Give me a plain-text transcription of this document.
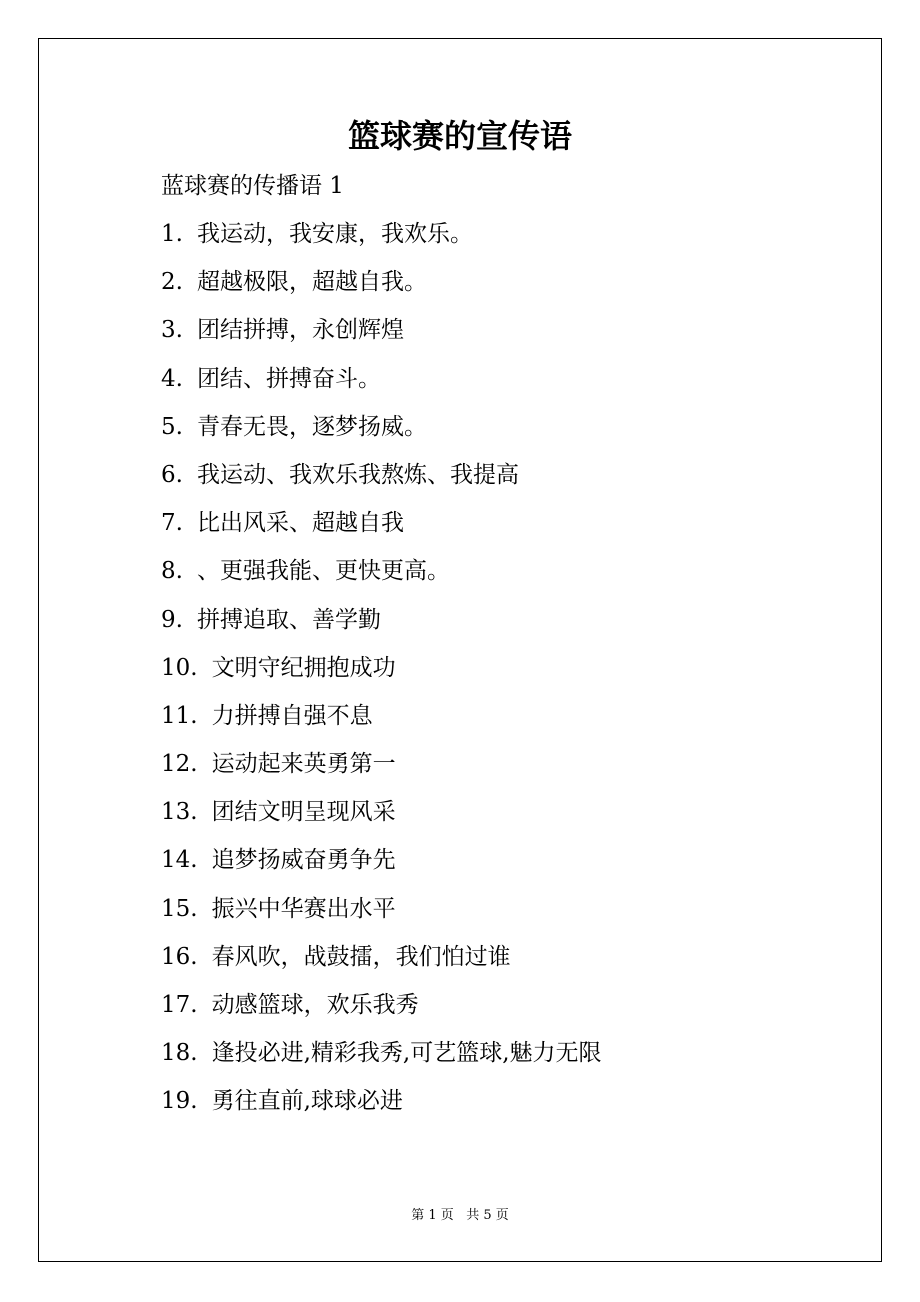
篮球赛的宣传语

蓝球赛的传播语 1

1. 我运动，我安康，我欢乐。
2. 超越极限，超越自我。
3. 团结拼搏，永创辉煌
4. 团结、拼搏奋斗。
5. 青春无畏，逐梦扬威。
6. 我运动、我欢乐我熬炼、我提高
7. 比出风采、超越自我
8. 、更强我能、更快更高。
9. 拼搏追取、善学勤
10. 文明守纪拥抱成功
11. 力拼搏自强不息
12. 运动起来英勇第一
13. 团结文明呈现风采
14. 追梦扬威奋勇争先
15. 振兴中华赛出水平
16. 春风吹，战鼓擂，我们怕过谁
17. 动感篮球，欢乐我秀
18. 逢投必进,精彩我秀,可艺篮球,魅力无限
19. 勇往直前,球球必进
第 1 页   共 5 页
